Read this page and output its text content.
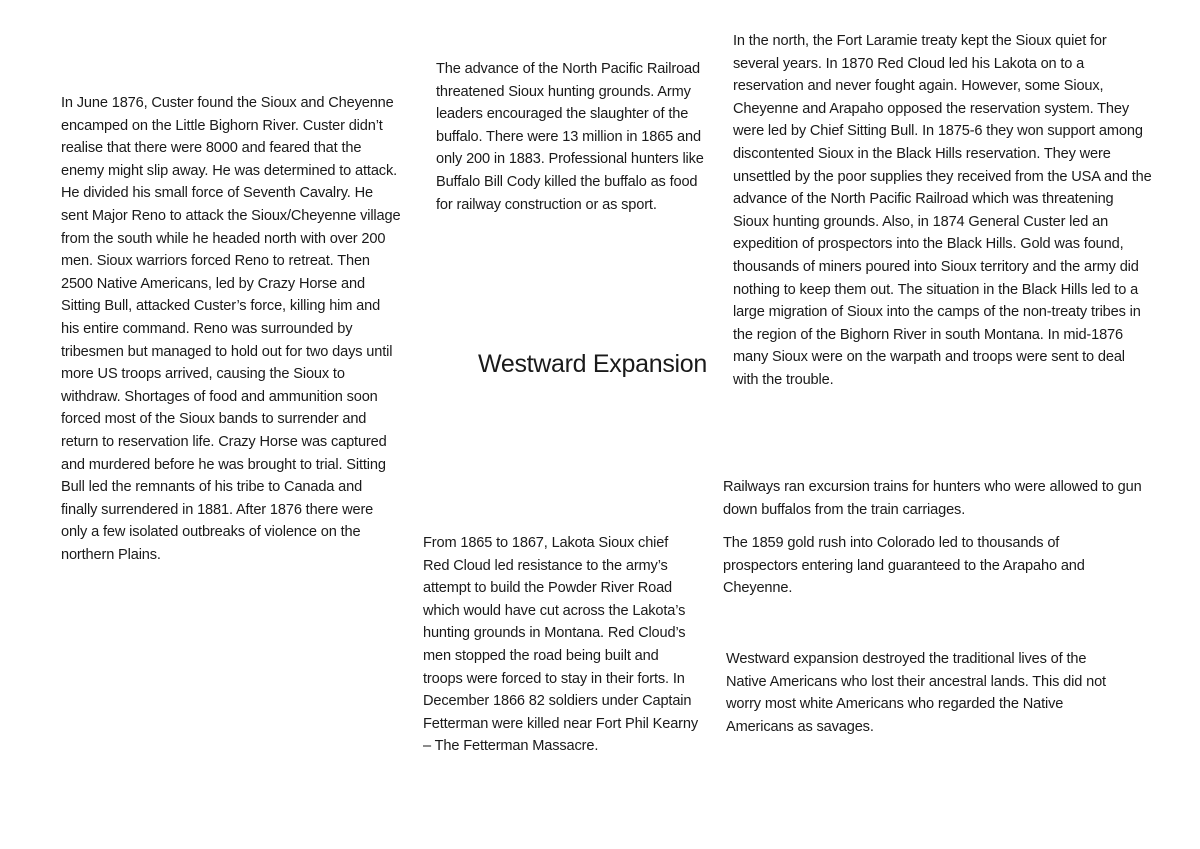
In June 1876, Custer found the Sioux and Cheyenne encamped on the Little Bighorn River. Custer didn’t realise that there were 8000 and feared that the enemy might slip away. He was determined to attack. He divided his small force of Seventh Cavalry. He sent Major Reno to attack the Sioux/Cheyenne village from the south while he headed north with over 200 men. Sioux warriors forced Reno to retreat. Then 2500 Native Americans, led by Crazy Horse and Sitting Bull, attacked Custer’s force, killing him and his entire command. Reno was surrounded by tribesmen but managed to hold out for two days until more US troops arrived, causing the Sioux to withdraw. Shortages of food and ammunition soon forced most of the Sioux bands to surrender and return to reservation life. Crazy Horse was captured and murdered before he was brought to trial. Sitting Bull led the remnants of his tribe to Canada and finally surrendered in 1881. After 1876 there were only a few isolated outbreaks of violence on the northern Plains.

The advance of the North Pacific Railroad threatened Sioux hunting grounds. Army leaders encouraged the slaughter of the buffalo. There were 13 million in 1865 and only 200 in 1883. Professional hunters like Buffalo Bill Cody killed the buffalo as food for railway construction or as sport.

In the north, the Fort Laramie treaty kept the Sioux quiet for several years. In 1870 Red Cloud led his Lakota on to a reservation and never fought again. However, some Sioux, Cheyenne and Arapaho opposed the reservation system. They were led by Chief Sitting Bull. In 1875-6 they won support among discontented Sioux in the Black Hills reservation. They were unsettled by the poor supplies they received from the USA and the advance of the North Pacific Railroad which was threatening Sioux hunting grounds. Also, in 1874 General Custer led an expedition of prospectors into the Black Hills. Gold was found, thousands of miners poured into Sioux territory and the army did nothing to keep them out. The situation in the Black Hills led to a large migration of Sioux into the camps of the non-treaty tribes in the region of the Bighorn River in south Montana. In mid-1876 many Sioux were on the warpath and troops were sent to deal with the trouble.

Westward Expansion

Railways ran excursion trains for hunters who were allowed to gun down buffalos from the train carriages.

The 1859 gold rush into Colorado led to thousands of prospectors entering land guaranteed to the Arapaho and Cheyenne.

From 1865 to 1867, Lakota Sioux chief Red Cloud led resistance to the army’s attempt to build the Powder River Road which would have cut across the Lakota’s hunting grounds in Montana. Red Cloud’s men stopped the road being built and troops were forced to stay in their forts. In December 1866 82 soldiers under Captain Fetterman were killed near Fort Phil Kearny – The Fetterman Massacre.

Westward expansion destroyed the traditional lives of the Native Americans who lost their ancestral lands. This did not worry most white Americans who regarded the Native Americans as savages.
